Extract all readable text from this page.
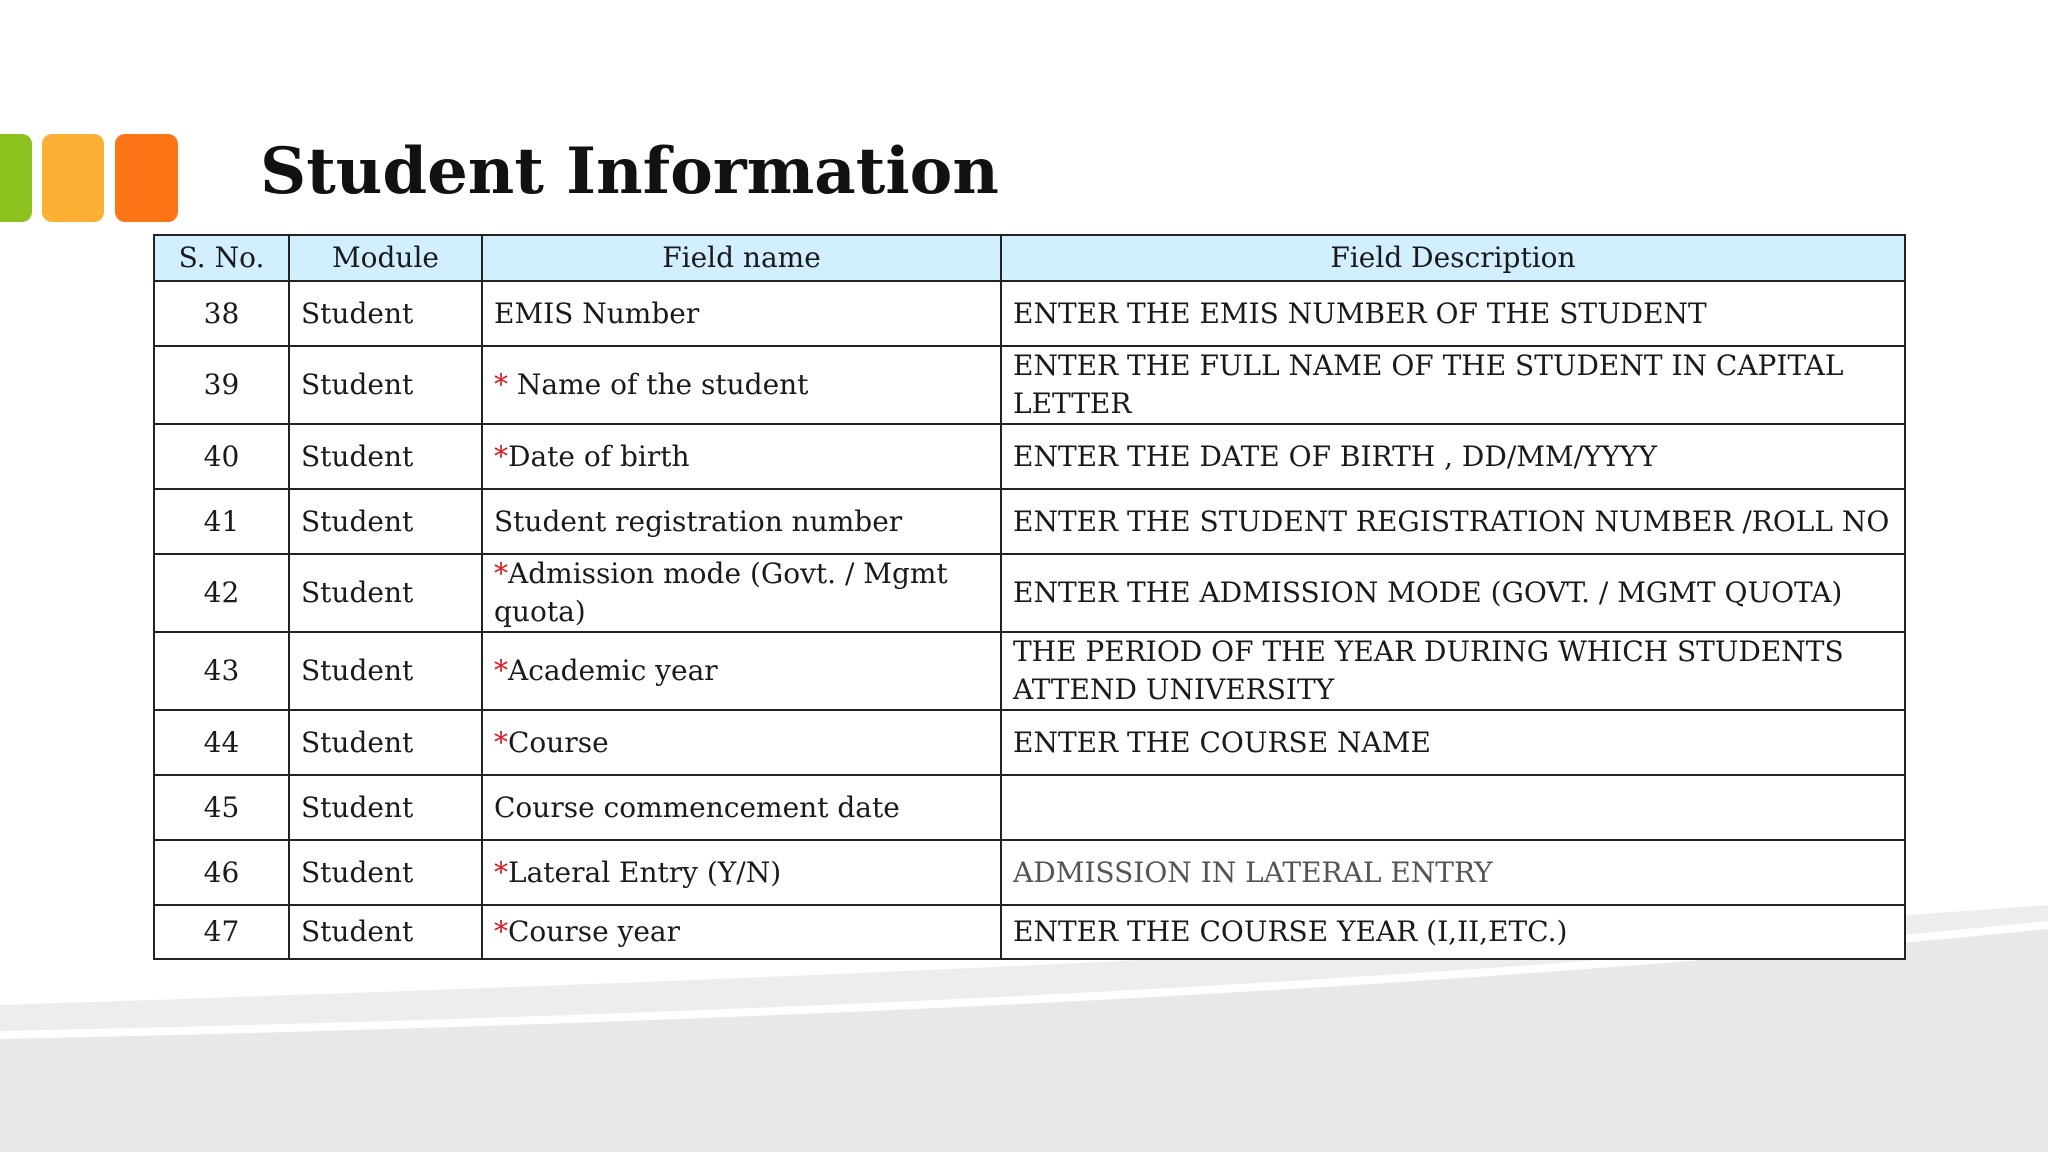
Student Information
S. No.	Module	Field name	Field Description
38	Student	EMIS Number	ENTER THE EMIS NUMBER OF THE STUDENT
39	Student	* Name of the student	ENTER THE FULL NAME OF THE STUDENT IN CAPITAL LETTER
40	Student	*Date of birth	ENTER THE DATE OF BIRTH , DD/MM/YYYY
41	Student	Student registration number	ENTER THE STUDENT REGISTRATION NUMBER /ROLL NO
42	Student	*Admission mode (Govt. / Mgmt quota)	ENTER THE ADMISSION MODE (GOVT. / MGMT QUOTA)
43	Student	*Academic year	THE PERIOD OF THE YEAR DURING WHICH STUDENTS ATTEND UNIVERSITY
44	Student	*Course	ENTER THE COURSE NAME
45	Student	Course commencement date	
46	Student	*Lateral Entry (Y/N)	ADMISSION IN LATERAL ENTRY
47	Student	*Course year	ENTER THE COURSE YEAR (I,II,ETC.)
